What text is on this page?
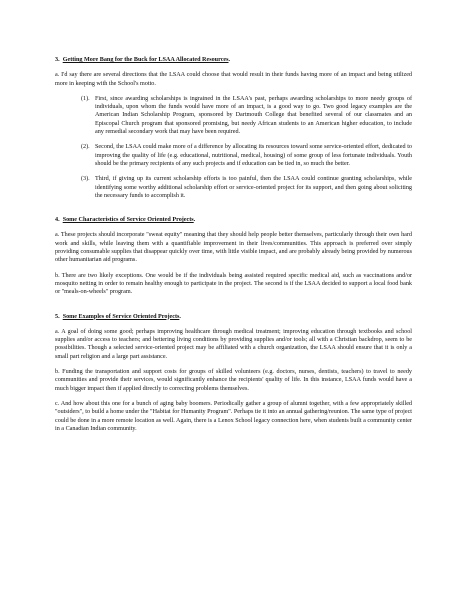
3. Getting More Bang for the Buck for LSAA Allocated Resources.

a. I'd say there are several directions that the LSAA could choose that would result in their funds having more of an impact and being utilized more in keeping with the School's motto.

(1). First, since awarding scholarships is ingrained in the LSAA's past, perhaps awarding scholarships to more needy groups of individuals, upon whom the funds would have more of an impact, is a good way to go. Two good legacy examples are the American Indian Scholarship Program, sponsored by Dartmouth College that benefited several of our classmates and an Episcopal Church program that sponsored promising, but needy African students to an American higher education, to include any remedial secondary work that may have been required.
(2). Second, the LSAA could make more of a difference by allocating its resources toward some service-oriented effort, dedicated to improving the quality of life (e.g. educational, nutritional, medical, housing) of some group of less fortunate individuals. Youth should be the primary recipients of any such projects and if education can be tied in, so much the better.
(3). Third, if giving up its current scholarship efforts is too painful, then the LSAA could continue granting scholarships, while identifying some worthy additional scholarship effort or service-oriented project for its support, and then going about soliciting the necessary funds to accomplish it.
4. Some Characteristics of Service Oriented Projects.

a. These projects should incorporate "sweat equity" meaning that they should help people better themselves, particularly through their own hard work and skills, while leaving them with a quantifiable improvement in their lives/communities. This approach is preferred over simply providing consumable supplies that disappear quickly over time, with little visible impact, and are probably already being provided by numerous other humanitarian aid programs.

b. There are two likely exceptions. One would be if the individuals being assisted required specific medical aid, such as vaccinations and/or mosquito netting in order to remain healthy enough to participate in the project. The second is if the LSAA decided to support a local food bank or "meals-on-wheels" program.

5. Some Examples of Service Oriented Projects.

a. A goal of doing some good; perhaps improving healthcare through medical treatment; improving education through textbooks and school supplies and/or access to teachers; and bettering living conditions by providing supplies and/or tools; all with a Christian backdrop, seem to be possibilities. Though a selected service-oriented project may be affiliated with a church organization, the LSAA should ensure that it is only a small part religion and a large part assistance.

b. Funding the transportation and support costs for groups of skilled volunteers (e.g. doctors, nurses, dentists, teachers) to travel to needy communities and provide their services, would significantly enhance the recipients' quality of life. In this instance, LSAA funds would have a much bigger impact then if applied directly to correcting problems themselves.

c. And how about this one for a bunch of aging baby boomers. Periodically gather a group of alumni together, with a few appropriately skilled "outsiders", to build a home under the "Habitat for Humanity Program". Perhaps tie it into an annual gathering/reunion. The same type of project could be done in a more remote location as well. Again, there is a Lenox School legacy connection here, when students built a community center in a Canadian Indian community.
